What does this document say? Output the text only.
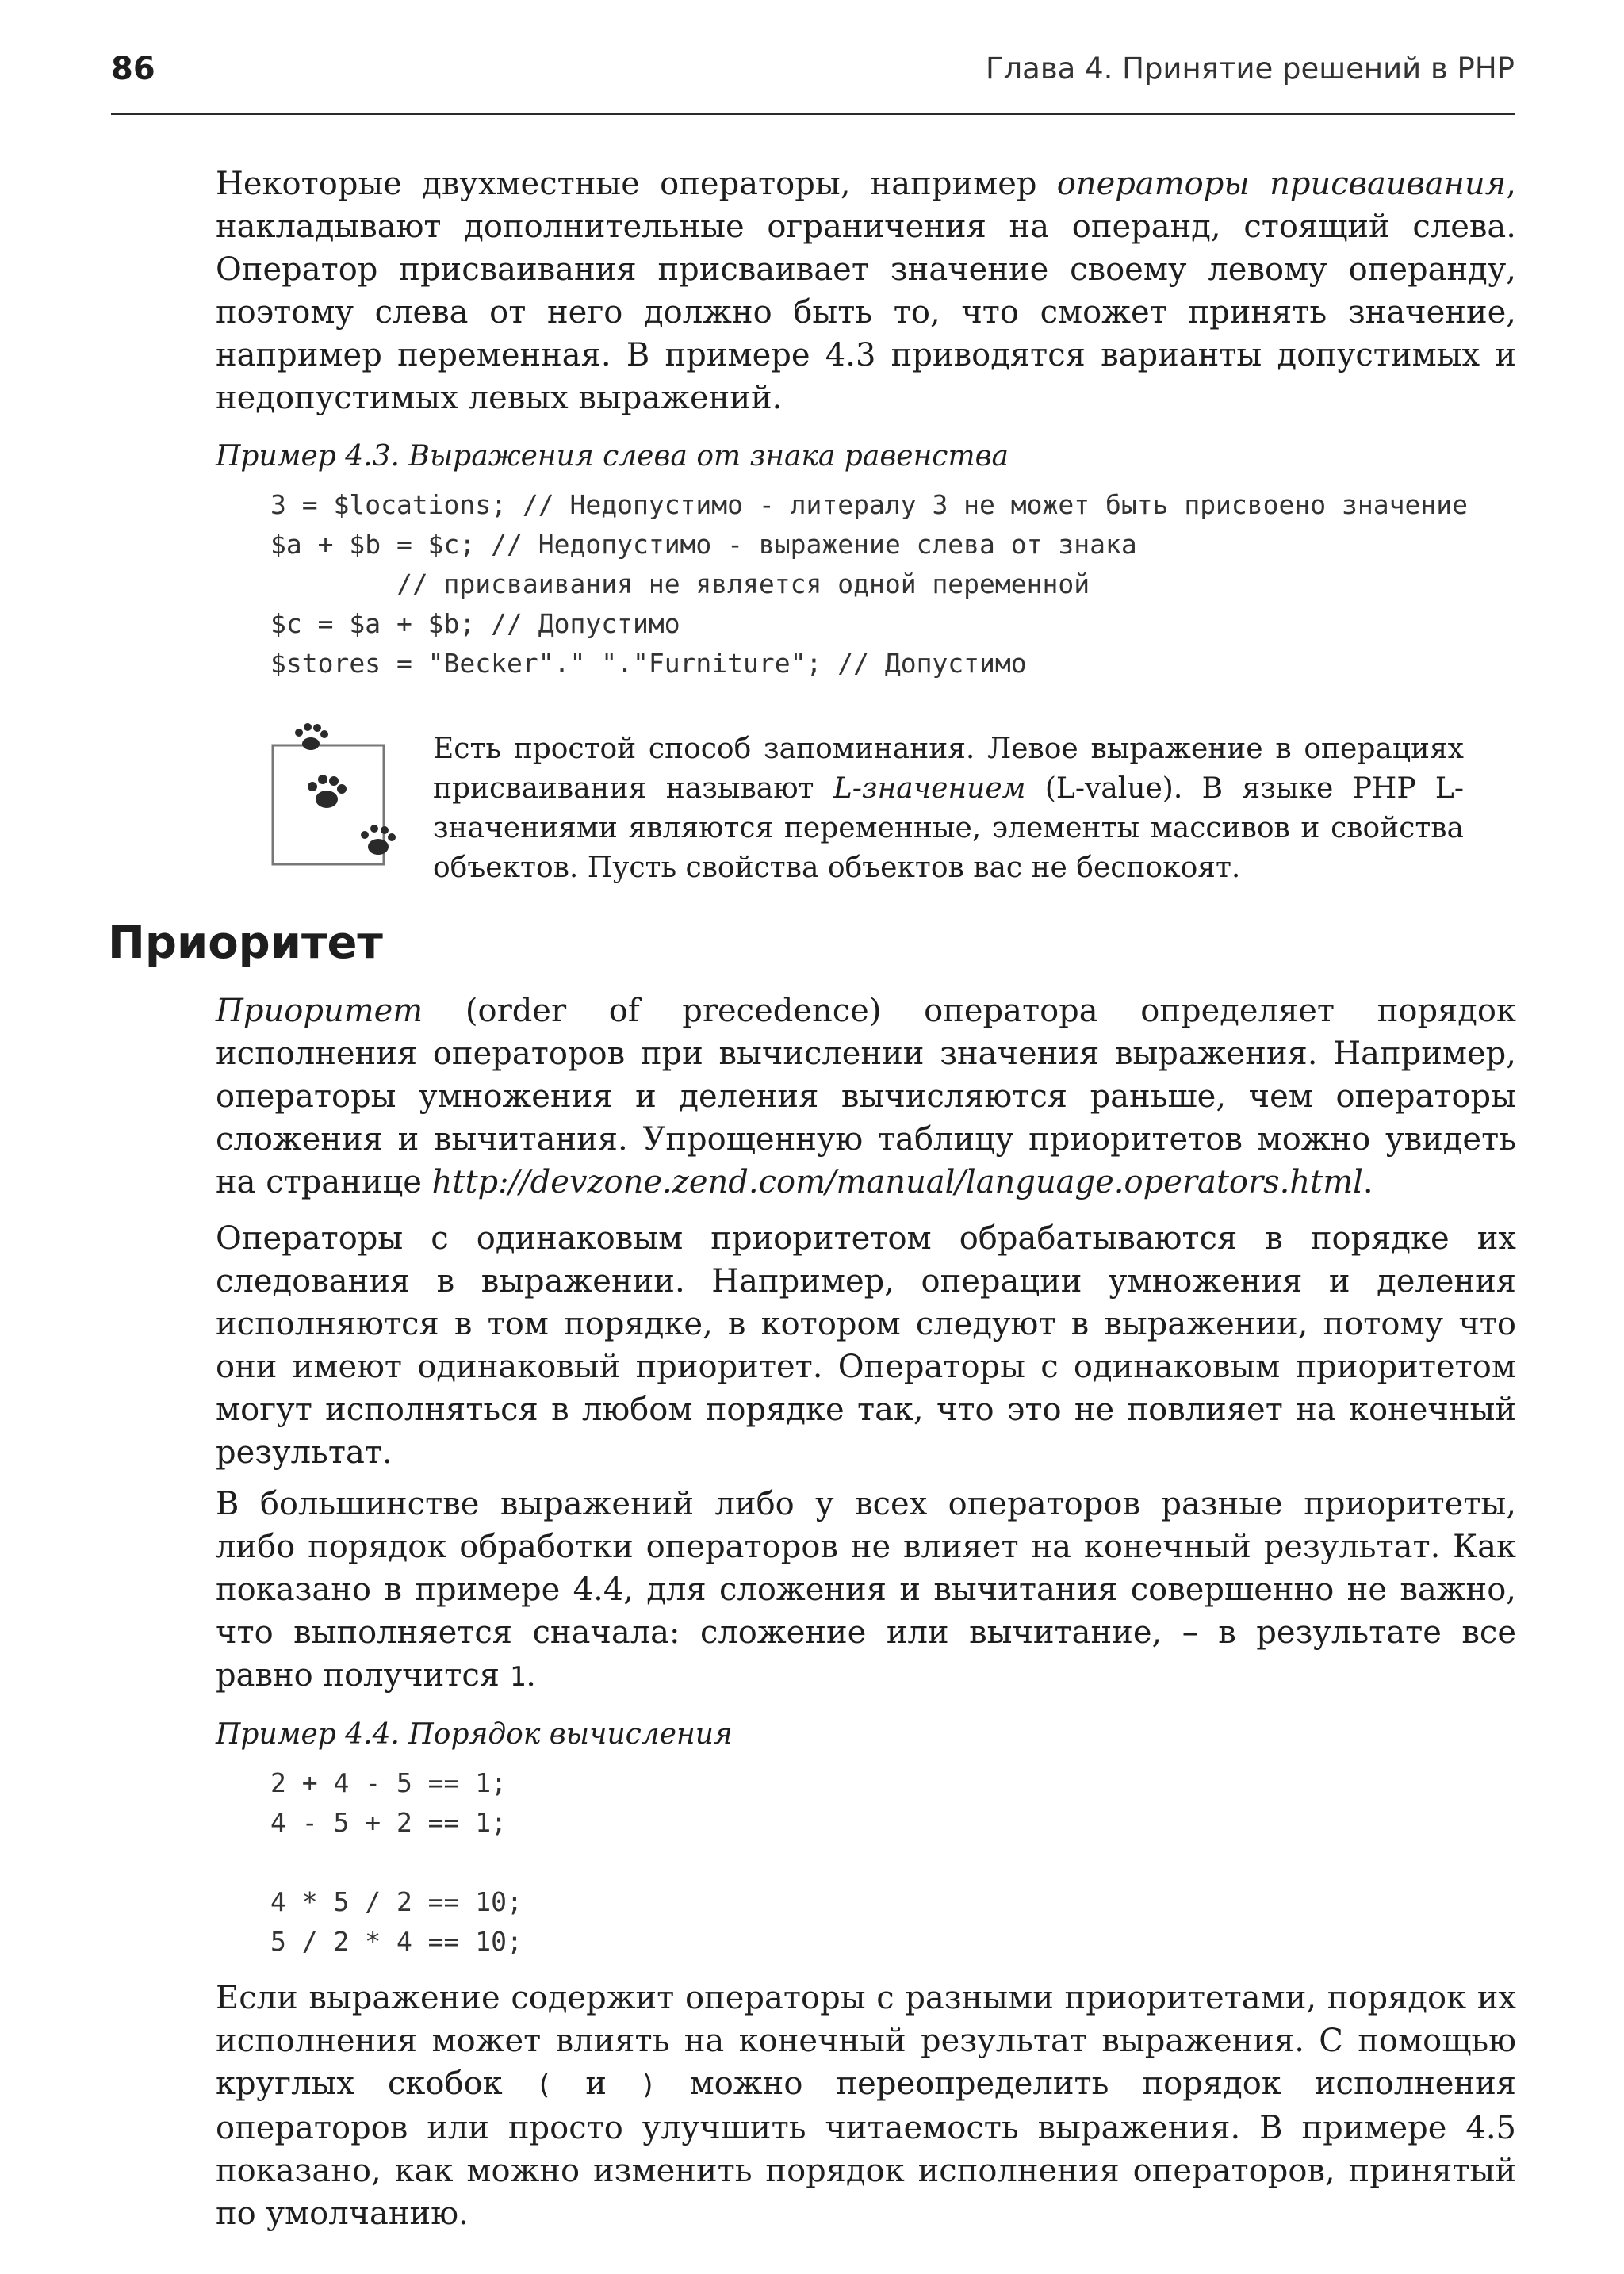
86	Глава 4. Принятие решений в PHP

Некоторые двухместные операторы, например операторы присваивания, накладывают дополнительные ограничения на операнд, стоящий слева. Оператор присваивания присваивает значение своему левому операнду, поэтому слева от него должно быть то, что сможет принять значение, например переменная. В примере 4.3 приводятся варианты допустимых и недопустимых левых выражений.

Пример 4.3. Выражения слева от знака равенства
3 = $locations; // Недопустимо - литералу 3 не может быть присвоено значение
$a + $b = $c; // Недопустимо - выражение слева от знака
// присваивания не является одной переменной
$c = $a + $b; // Допустимо
$stores = "Becker"." "."Furniture"; // Допустимо

Есть простой способ запоминания. Левое выражение в операциях присваивания называют L-значением (L-value). В языке PHP L-значениями являются переменные, элементы массивов и свойства объектов. Пусть свойства объектов вас не беспокоят.

Приоритет

Приоритет (order of precedence) оператора определяет порядок исполнения операторов при вычислении значения выражения. Например, операторы умножения и деления вычисляются раньше, чем операторы сложения и вычитания. Упрощенную таблицу приоритетов можно увидеть на странице http://devzone.zend.com/manual/language.operators.html.

Операторы с одинаковым приоритетом обрабатываются в порядке их следования в выражении. Например, операции умножения и деления исполняются в том порядке, в котором следуют в выражении, потому что они имеют одинаковый приоритет. Операторы с одинаковым приоритетом могут исполняться в любом порядке так, что это не повлияет на конечный результат.

В большинстве выражений либо у всех операторов разные приоритеты, либо порядок обработки операторов не влияет на конечный результат. Как показано в примере 4.4, для сложения и вычитания совершенно не важно, что выполняется сначала: сложение или вычитание, – в результате все равно получится 1.

Пример 4.4. Порядок вычисления
2 + 4 - 5 == 1;
4 - 5 + 2 == 1;

4 * 5 / 2 == 10;
5 / 2 * 4 == 10;

Если выражение содержит операторы с разными приоритетами, порядок их исполнения может влиять на конечный результат выражения. С помощью круглых скобок ( и ) можно переопределить порядок исполнения операторов или просто улучшить читаемость выражения. В примере 4.5 показано, как можно изменить порядок исполнения операторов, принятый по умолчанию.
